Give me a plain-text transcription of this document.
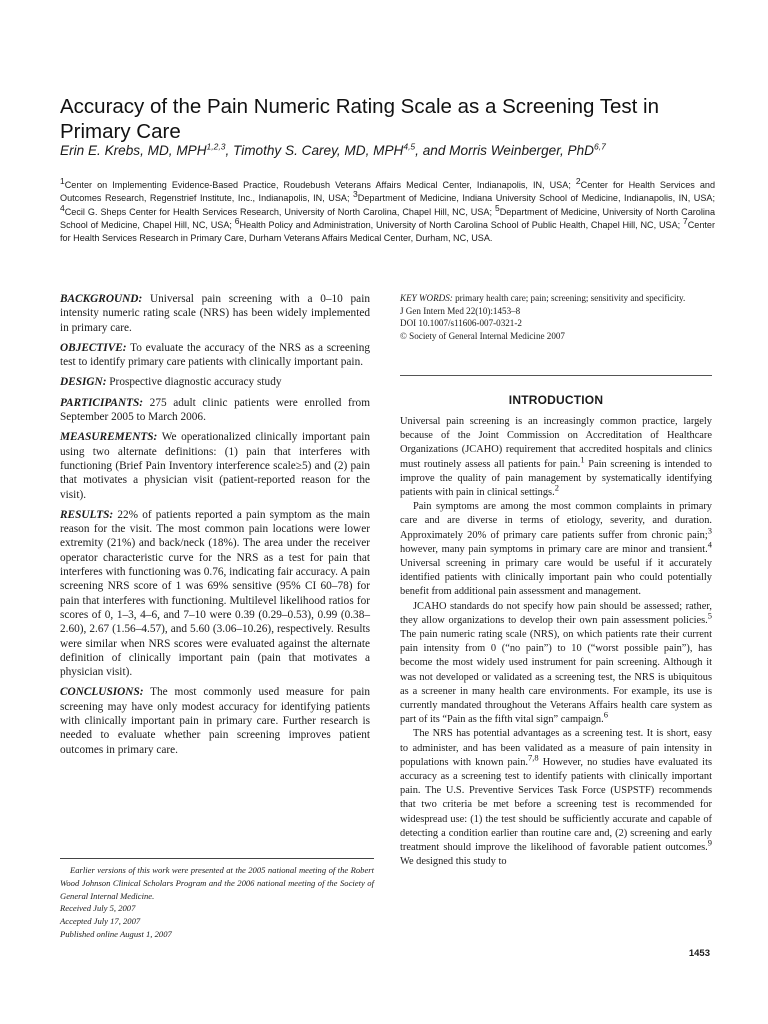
Accuracy of the Pain Numeric Rating Scale as a Screening Test in Primary Care
Erin E. Krebs, MD, MPH$^{1,2,3}$, Timothy S. Carey, MD, MPH$^{4,5}$, and Morris Weinberger, PhD$^{6,7}$
1Center on Implementing Evidence-Based Practice, Roudebush Veterans Affairs Medical Center, Indianapolis, IN, USA; 2Center for Health Services and Outcomes Research, Regenstrief Institute, Inc., Indianapolis, IN, USA; 3Department of Medicine, Indiana University School of Medicine, Indianapolis, IN, USA; 4Cecil G. Sheps Center for Health Services Research, University of North Carolina, Chapel Hill, NC, USA; 5Department of Medicine, University of North Carolina School of Medicine, Chapel Hill, NC, USA; 6Health Policy and Administration, University of North Carolina School of Public Health, Chapel Hill, NC, USA; 7Center for Health Services Research in Primary Care, Durham Veterans Affairs Medical Center, Durham, NC, USA.

BACKGROUND: Universal pain screening with a 0–10 pain intensity numeric rating scale (NRS) has been widely implemented in primary care.

OBJECTIVE: To evaluate the accuracy of the NRS as a screening test to identify primary care patients with clinically important pain.

DESIGN: Prospective diagnostic accuracy study

PARTICIPANTS: 275 adult clinic patients were enrolled from September 2005 to March 2006.

MEASUREMENTS: We operationalized clinically important pain using two alternate definitions: (1) pain that interferes with functioning (Brief Pain Inventory interference scale≥5) and (2) pain that motivates a physician visit (patient-reported reason for the visit).

RESULTS: 22% of patients reported a pain symptom as the main reason for the visit. The most common pain locations were lower extremity (21%) and back/neck (18%). The area under the receiver operator characteristic curve for the NRS as a test for pain that interferes with functioning was 0.76, indicating fair accuracy. A pain screening NRS score of 1 was 69% sensitive (95% CI 60–78) for pain that interferes with functioning. Multilevel likelihood ratios for scores of 0, 1–3, 4–6, and 7–10 were 0.39 (0.29–0.53), 0.99 (0.38–2.60), 2.67 (1.56–4.57), and 5.60 (3.06–10.26), respectively. Results were similar when NRS scores were evaluated against the alternate definition of clinically important pain (pain that motivates a physician visit).

CONCLUSIONS: The most commonly used measure for pain screening may have only modest accuracy for identifying patients with clinically important pain in primary care. Further research is needed to evaluate whether pain screening improves patient outcomes in primary care.

Earlier versions of this work were presented at the 2005 national meeting of the Robert Wood Johnson Clinical Scholars Program and the 2006 national meeting of the Society of General Internal Medicine.
Received July 5, 2007
Accepted July 17, 2007
Published online August 1, 2007
KEY WORDS: primary health care; pain; screening; sensitivity and specificity.
J Gen Intern Med 22(10):1453–8
DOI 10.1007/s11606-007-0321-2
© Society of General Internal Medicine 2007
INTRODUCTION

Universal pain screening is an increasingly common practice, largely because of the Joint Commission on Accreditation of Healthcare Organizations (JCAHO) requirement that accredited hospitals and clinics must routinely assess all patients for pain.$^1$ Pain screening is intended to improve the quality of pain management by systematically identifying patients with pain in clinical settings.$^2$

Pain symptoms are among the most common complaints in primary care and are diverse in terms of etiology, severity, and duration. Approximately 20% of primary care patients suffer from chronic pain;$^3$ however, many pain symptoms in primary care are minor and transient.$^4$ Universal screening in primary care would be useful if it accurately identified patients with clinically important pain who could potentially benefit from additional pain assessment and management.

JCAHO standards do not specify how pain should be assessed; rather, they allow organizations to develop their own pain assessment policies.$^5$ The pain numeric rating scale (NRS), on which patients rate their current pain intensity from 0 (“no pain”) to 10 (“worst possible pain”), has become the most widely used instrument for pain screening. Although it was not developed or validated as a screening test, the NRS is ubiquitous as a screener in many health care environments. For example, its use is currently mandated throughout the Veterans Affairs health care system as part of its “Pain as the fifth vital sign” campaign.$^6$

The NRS has potential advantages as a screening test. It is short, easy to administer, and has been validated as a measure of pain intensity in populations with known pain.$^{7,8}$ However, no studies have evaluated its accuracy as a screening test to identify patients with clinically important pain. The U.S. Preventive Services Task Force (USPSTF) recommends that two criteria be met before a screening test is recommended for widespread use: (1) the test should be sufficiently accurate and capable of detecting a condition earlier than routine care and, (2) screening and early treatment should improve the likelihood of favorable patient outcomes.$^9$ We designed this study to

1453
